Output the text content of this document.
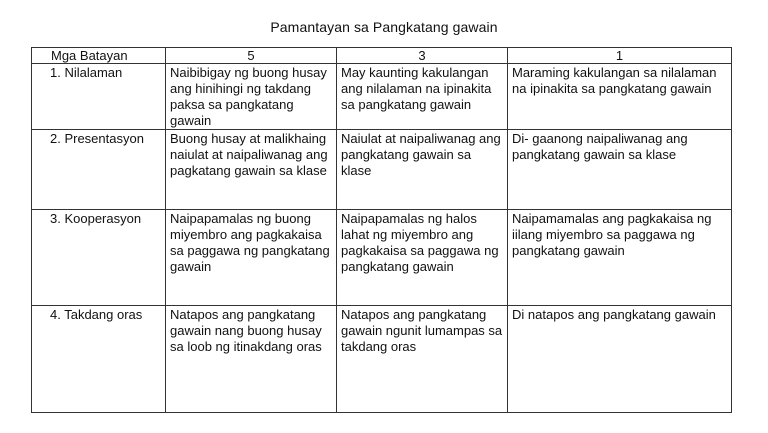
Pamantayan sa Pangkatang gawain
Mga Batayan	5	3	1
1. Nilalaman	Naibibigay ng buong husay ang hinihingi ng takdang paksa sa pangkatang gawain	May kaunting kakulangan ang nilalaman na ipinakita sa pangkatang gawain	Maraming kakulangan sa nilalaman na ipinakita sa pangkatang gawain
2. Presentasyon	Buong husay at malikhaing naiulat at naipaliwanag ang pagkatang gawain sa klase	Naiulat at naipaliwanag ang pangkatang gawain sa klase	Di- gaanong naipaliwanag ang pangkatang gawain sa klase
3. Kooperasyon	Naipapamalas ng buong miyembro ang pagkakaisa sa paggawa ng pangkatang gawain	Naipapamalas ng halos lahat ng miyembro ang pagkakaisa sa paggawa ng pangkatang gawain	Naipamamalas ang pagkakaisa ng iilang miyembro sa paggawa ng pangkatang gawain
4. Takdang oras	Natapos ang pangkatang gawain nang buong husay sa loob ng itinakdang oras	Natapos ang pangkatang gawain ngunit lumampas sa takdang oras	Di natapos ang pangkatang gawain
